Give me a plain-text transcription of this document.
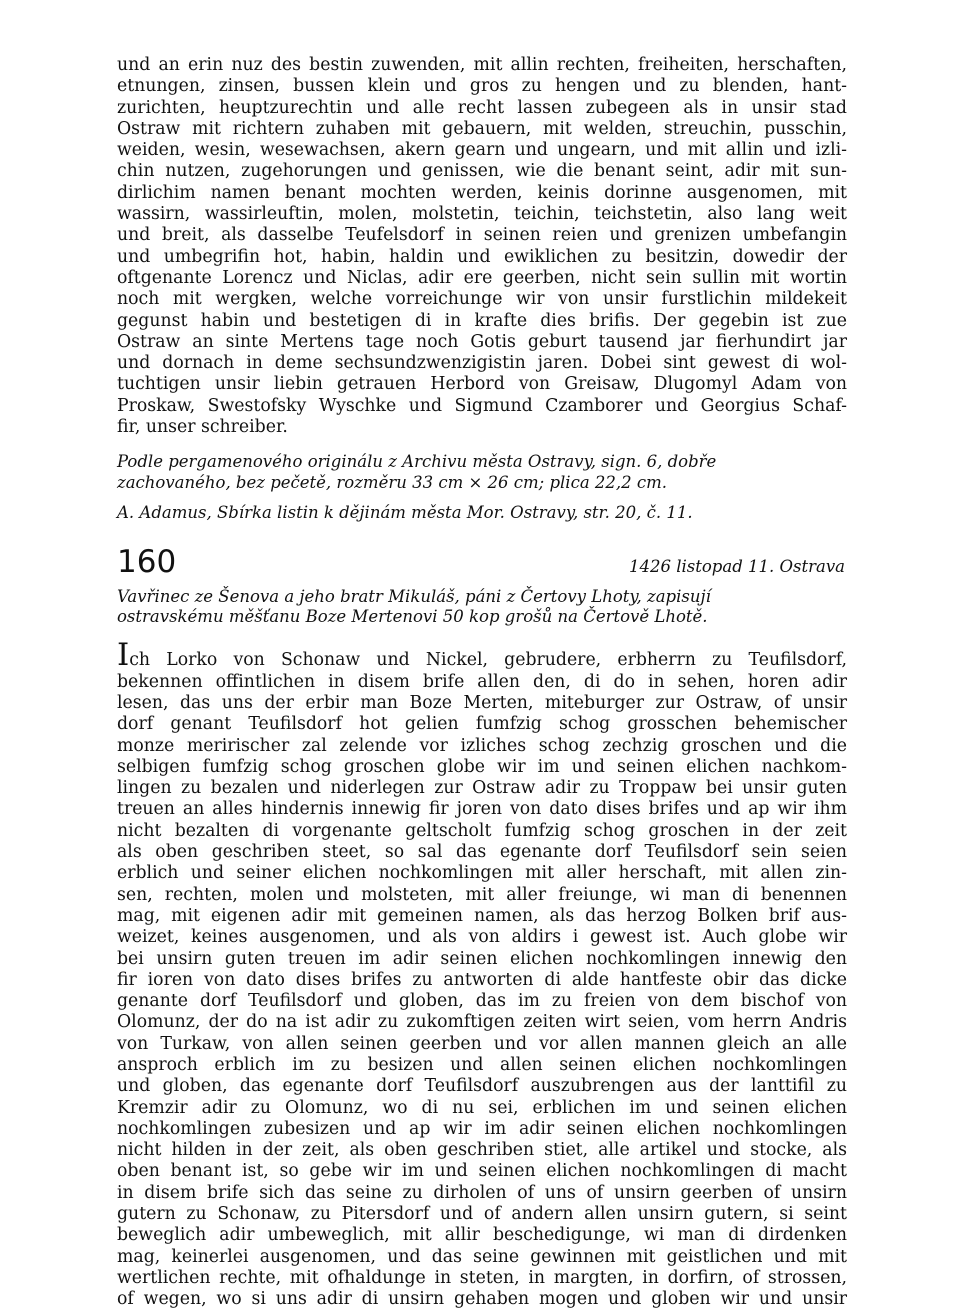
und an erin nuz des bestin zuwenden, mit allin rechten, freiheiten, herschaften,
etnungen, zinsen, bussen klein und gros zu hengen und zu blenden, hant-
zurichten, heuptzurechtin und alle recht lassen zubegeen als in unsir stad
Ostraw mit richtern zuhaben mit gebauern, mit welden, streuchin, pusschin,
weiden, wesin, wesewachsen, akern gearn und ungearn, und mit allin und izli-
chin nutzen, zugehorungen und genissen, wie die benant seint, adir mit sun-
dirlichim namen benant mochten werden, keinis dorinne ausgenomen, mit
wassirn, wassirleuftin, molen, molstetin, teichin, teichstetin, also lang weit
und breit, als dasselbe Teufelsdorf in seinen reien und grenizen umbefangin
und umbegrifin hot, habin, haldin und ewiklichen zu besitzin, dowedir der
oftgenante Lorencz und Niclas, adir ere geerben, nicht sein sullin mit wortin
noch mit wergken, welche vorreichunge wir von unsir furstlichin mildekeit
gegunst habin und bestetigen di in krafte dies brifis. Der gegebin ist zue
Ostraw an sinte Mertens tage noch Gotis geburt tausend jar fierhundirt jar
und dornach in deme sechsundzwenzigistin jaren. Dobei sint gewest di wol-
tuchtigen unsir liebin getrauen Herbord von Greisaw, Dlugomyl Adam von
Proskaw, Swestofsky Wyschke und Sigmund Czamborer und Georgius Schaf-
fir, unser schreiber.
Podle pergamenového originálu z Archivu města Ostravy, sign. 6, dobře
zachovaného, bez pečetě, rozměru 33 cm ⨯ 26 cm; plica 22,2 cm.
A. Adamus, Sbírka listin k dějinám města Mor. Ostravy, str. 20, č. 11.
160	1426 listopad 11. Ostrava
Vavřinec ze Šenova a jeho bratr Mikuláš, páni z Čertovy Lhoty, zapisují
ostravskému měšťanu Boze Mertenovi 50 kop grošů na Čertově Lhotě.
Ich Lorko von Schonaw und Nickel, gebrudere, erbherrn zu Teufilsdorf,
bekennen offintlichen in disem brife allen den, di do in sehen, horen adir
lesen, das uns der erbir man Boze Merten, miteburger zur Ostraw, of unsir
dorf genant Teufilsdorf hot gelien fumfzig schog grosschen behemischer
monze meririscher zal zelende vor izliches schog zechzig groschen und die
selbigen fumfzig schog groschen globe wir im und seinen elichen nachkom-
lingen zu bezalen und niderlegen zur Ostraw adir zu Troppaw bei unsir guten
treuen an alles hindernis innewig fir joren von dato dises brifes und ap wir ihm
nicht bezalten di vorgenante geltscholt fumfzig schog groschen in der zeit
als oben geschriben steet, so sal das egenante dorf Teufilsdorf sein seien
erblich und seiner elichen nochkomlingen mit aller herschaft, mit allen zin-
sen, rechten, molen und molsteten, mit aller freiunge, wi man di benennen
mag, mit eigenen adir mit gemeinen namen, als das herzog Bolken brif aus-
weizet, keines ausgenomen, und als von aldirs i gewest ist. Auch globe wir
bei unsirn guten treuen im adir seinen elichen nochkomlingen innewig den
fir ioren von dato dises brifes zu antworten di alde hantfeste obir das dicke
genante dorf Teufilsdorf und globen, das im zu freien von dem bischof von
Olomunz, der do na ist adir zu zukomftigen zeiten wirt seien, vom herrn Andris
von Turkaw, von allen seinen geerben und vor allen mannen gleich an alle
ansproch erblich im zu besizen und allen seinen elichen nochkomlingen
und globen, das egenante dorf Teufilsdorf auszubrengen aus der lanttifil zu
Kremzir adir zu Olomunz, wo di nu sei, erblichen im und seinen elichen
nochkomlingen zubesizen und ap wir im adir seinen elichen nochkomlingen
nicht hilden in der zeit, als oben geschriben stiet, alle artikel und stocke, als
oben benant ist, so gebe wir im und seinen elichen nochkomlingen di macht
in disem brife sich das seine zu dirholen of uns of unsirn geerben of unsirn
gutern zu Schonaw, zu Pitersdorf und of andern allen unsirn gutern, si seint
beweglich adir umbeweglich, mit allir beschedigunge, wi man di dirdenken
mag, keinerlei ausgenomen, und das seine gewinnen mit geistlichen und mit
wertlichen rechte, mit ofhaldunge in steten, in margten, in dorfirn, of strossen,
of wegen, wo si uns adir di unsirn gehaben mogen und globen wir und unsir
